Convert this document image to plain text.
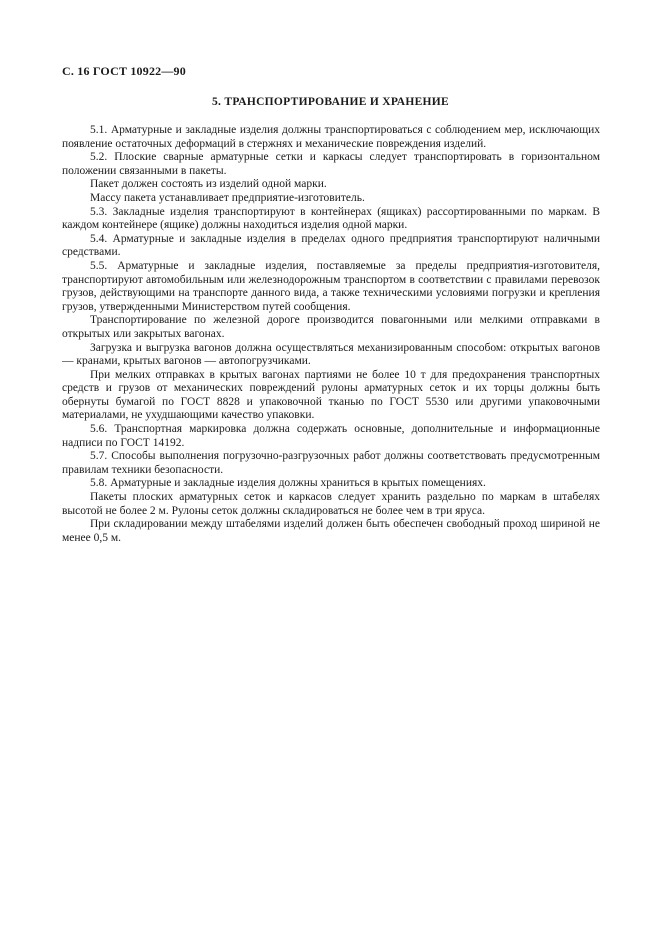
С. 16 ГОСТ 10922—90
5. ТРАНСПОРТИРОВАНИЕ И ХРАНЕНИЕ

5.1. Арматурные и закладные изделия должны транспортироваться с соблюдением мер, исключающих появление остаточных деформаций в стержнях и механические повреждения изделий.

5.2. Плоские сварные арматурные сетки и каркасы следует транспортировать в горизонтальном положении связанными в пакеты.

Пакет должен состоять из изделий одной марки.

Массу пакета устанавливает предприятие-изготовитель.

5.3. Закладные изделия транспортируют в контейнерах (ящиках) рассортированными по маркам. В каждом контейнере (ящике) должны находиться изделия одной марки.

5.4. Арматурные и закладные изделия в пределах одного предприятия транспортируют наличными средствами.

5.5. Арматурные и закладные изделия, поставляемые за пределы предприятия-изготовителя, транспортируют автомобильным или железнодорожным транспортом в соответствии с правилами перевозок грузов, действующими на транспорте данного вида, а также техническими условиями погрузки и крепления грузов, утвержденными Министерством путей сообщения.

Транспортирование по железной дороге производится повагонными или мелкими отправками в открытых или закрытых вагонах.

Загрузка и выгрузка вагонов должна осуществляться механизированным способом: открытых вагонов — кранами, крытых вагонов — автопогрузчиками.

При мелких отправках в крытых вагонах партиями не более 10 т для предохранения транспортных средств и грузов от механических повреждений рулоны арматурных сеток и их торцы должны быть обернуты бумагой по ГОСТ 8828 и упаковочной тканью по ГОСТ 5530 или другими упаковочными материалами, не ухудшающими качество упаковки.

5.6. Транспортная маркировка должна содержать основные, дополнительные и информационные надписи по ГОСТ 14192.

5.7. Способы выполнения погрузочно-разгрузочных работ должны соответствовать предусмотренным правилам техники безопасности.

5.8. Арматурные и закладные изделия должны храниться в крытых помещениях.

Пакеты плоских арматурных сеток и каркасов следует хранить раздельно по маркам в штабелях высотой не более 2 м. Рулоны сеток должны складироваться не более чем в три яруса.

При складировании между штабелями изделий должен быть обеспечен свободный проход шириной не менее 0,5 м.
